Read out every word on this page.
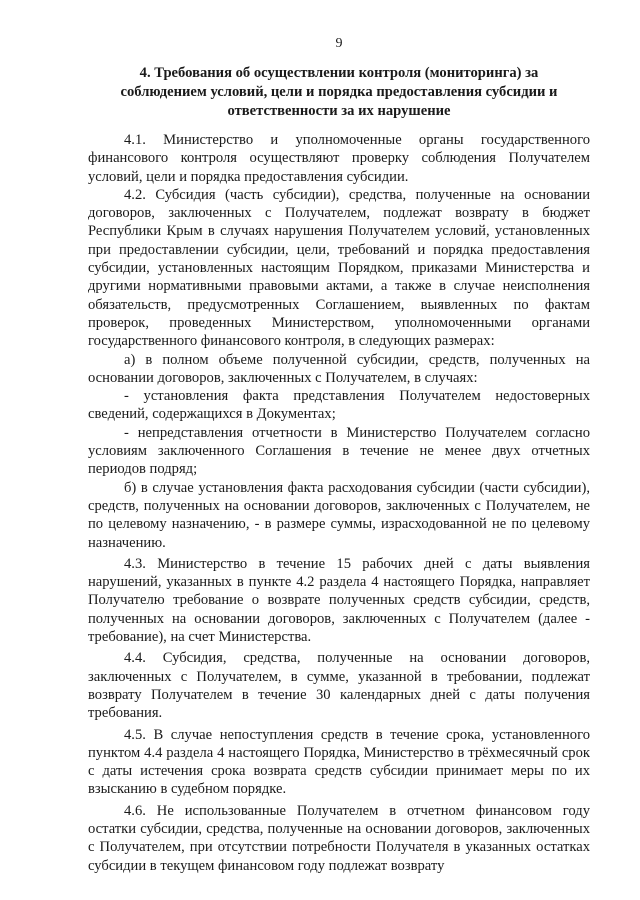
9
4. Требования об осуществлении контроля (мониторинга) за соблюдением условий, цели и порядка предоставления субсидии и ответственности за их нарушение

4.1. Министерство и уполномоченные органы государственного финансового контроля осуществляют проверку соблюдения Получателем условий, цели и порядка предоставления субсидии.

4.2. Субсидия (часть субсидии), средства, полученные на основании договоров, заключенных с Получателем, подлежат возврату в бюджет Республики Крым в случаях нарушения Получателем условий, установленных при предоставлении субсидии, цели, требований и порядка предоставления субсидии, установленных настоящим Порядком, приказами Министерства и другими нормативными правовыми актами, а также в случае неисполнения обязательств, предусмотренных Соглашением, выявленных по фактам проверок, проведенных Министерством, уполномоченными органами государственного финансового контроля, в следующих размерах:

а) в полном объеме полученной субсидии, средств, полученных на основании договоров, заключенных с Получателем, в случаях:

- установления факта представления Получателем недостоверных сведений, содержащихся в Документах;

- непредставления отчетности в Министерство Получателем согласно условиям заключенного Соглашения в течение не менее двух отчетных периодов подряд;

б) в случае установления факта расходования субсидии (части субсидии), средств, полученных на основании договоров, заключенных с Получателем, не по целевому назначению, - в размере суммы, израсходованной не по целевому назначению.

4.3. Министерство в течение 15 рабочих дней с даты выявления нарушений, указанных в пункте 4.2 раздела 4 настоящего Порядка, направляет Получателю требование о возврате полученных средств субсидии, средств, полученных на основании договоров, заключенных с Получателем (далее - требование), на счет Министерства.

4.4. Субсидия, средства, полученные на основании договоров, заключенных с Получателем, в сумме, указанной в требовании, подлежат возврату Получателем в течение 30 календарных дней с даты получения требования.

4.5. В случае непоступления средств в течение срока, установленного пунктом 4.4 раздела 4 настоящего Порядка, Министерство в трёхмесячный срок с даты истечения срока возврата средств субсидии принимает меры по их взысканию в судебном порядке.

4.6. Не использованные Получателем в отчетном финансовом году остатки субсидии, средства, полученные на основании договоров, заключенных с Получателем, при отсутствии потребности Получателя в указанных остатках субсидии в текущем финансовом году подлежат возврату
